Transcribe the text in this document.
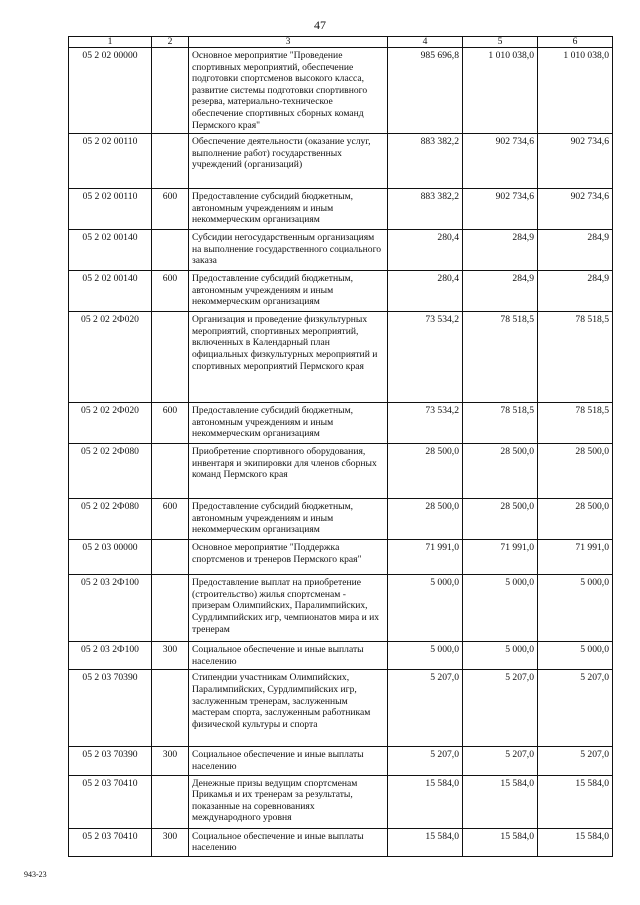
47
1	2	3	4	5	6
05 2 02 00000		Основное мероприятие "Проведение спортивных мероприятий, обеспечение подготовки спортсменов высокого класса, развитие системы подготовки спортивного резерва, материально-техническое обеспечение спортивных сборных команд Пермского края"	985 696,8	1 010 038,0	1 010 038,0
05 2 02 00110		Обеспечение деятельности (оказание услуг, выполнение работ) государственных учреждений (организаций)	883 382,2	902 734,6	902 734,6
05 2 02 00110	600	Предоставление субсидий бюджетным, автономным учреждениям и иным некоммерческим организациям	883 382,2	902 734,6	902 734,6
05 2 02 00140		Субсидии негосударственным организациям на выполнение государственного социального заказа	280,4	284,9	284,9
05 2 02 00140	600	Предоставление субсидий бюджетным, автономным учреждениям и иным некоммерческим организациям	280,4	284,9	284,9
05 2 02 2Ф020		Организация и проведение физкультурных мероприятий, спортивных мероприятий, включенных в Календарный план официальных физкультурных мероприятий и спортивных мероприятий Пермского края	73 534,2	78 518,5	78 518,5
05 2 02 2Ф020	600	Предоставление субсидий бюджетным, автономным учреждениям и иным некоммерческим организациям	73 534,2	78 518,5	78 518,5
05 2 02 2Ф080		Приобретение спортивного оборудования, инвентаря и экипировки для членов сборных команд Пермского края	28 500,0	28 500,0	28 500,0
05 2 02 2Ф080	600	Предоставление субсидий бюджетным, автономным учреждениям и иным некоммерческим организациям	28 500,0	28 500,0	28 500,0
05 2 03 00000		Основное мероприятие "Поддержка спортсменов и тренеров Пермского края"	71 991,0	71 991,0	71 991,0
05 2 03 2Ф100		Предоставление выплат на приобретение (строительство) жилья спортсменам - призерам Олимпийских, Паралимпийских, Сурдлимпийских игр, чемпионатов мира и их тренерам	5 000,0	5 000,0	5 000,0
05 2 03 2Ф100	300	Социальное обеспечение и иные выплаты населению	5 000,0	5 000,0	5 000,0
05 2 03 70390		Стипендии участникам Олимпийских, Паралимпийских, Сурдлимпийских игр, заслуженным тренерам, заслуженным мастерам спорта, заслуженным работникам физической культуры и спорта	5 207,0	5 207,0	5 207,0
05 2 03 70390	300	Социальное обеспечение и иные выплаты населению	5 207,0	5 207,0	5 207,0
05 2 03 70410		Денежные призы ведущим спортсменам Прикамья и их тренерам за результаты, показанные на соревнованиях международного уровня	15 584,0	15 584,0	15 584,0
05 2 03 70410	300	Социальное обеспечение и иные выплаты населению	15 584,0	15 584,0	15 584,0
943-23
